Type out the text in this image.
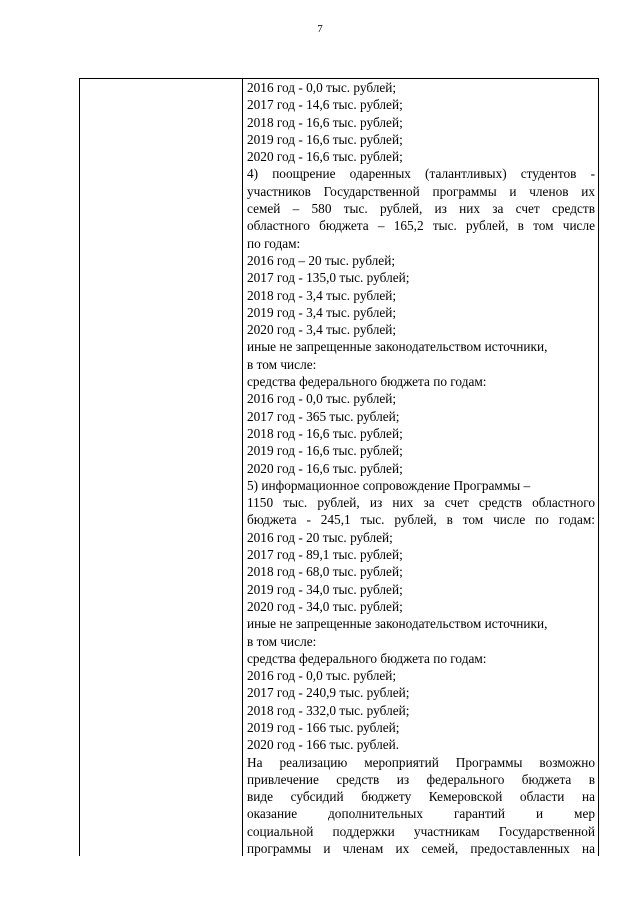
7
2016 год - 0,0 тыс. рублей;
2017 год - 14,6 тыс. рублей;
2018 год - 16,6 тыс. рублей;
2019 год - 16,6 тыс. рублей;
2020 год - 16,6 тыс. рублей;
4) поощрение одаренных (талантливых) студентов -
участников Государственной программы и членов их
семей – 580 тыс. рублей, из них за счет средств
областного бюджета – 165,2 тыс. рублей, в том числе
по годам:
2016 год – 20 тыс. рублей;
2017 год - 135,0 тыс. рублей;
2018 год - 3,4 тыс. рублей;
2019 год - 3,4 тыс. рублей;
2020 год - 3,4 тыс. рублей;
иные не запрещенные законодательством источники,
в том числе:
средства федерального бюджета по годам:
2016 год - 0,0 тыс. рублей;
2017 год - 365 тыс. рублей;
2018 год - 16,6 тыс. рублей;
2019 год - 16,6 тыс. рублей;
2020 год - 16,6 тыс. рублей;
5) информационное сопровождение Программы –
1150 тыс. рублей, из них за счет средств областного
бюджета - 245,1 тыс. рублей, в том числе по годам:
2016 год - 20 тыс. рублей;
2017 год - 89,1 тыс. рублей;
2018 год - 68,0 тыс. рублей;
2019 год - 34,0 тыс. рублей;
2020 год - 34,0 тыс. рублей;
иные не запрещенные законодательством источники,
в том числе:
средства федерального бюджета по годам:
2016 год - 0,0 тыс. рублей;
2017 год - 240,9 тыс. рублей;
2018 год - 332,0 тыс. рублей;
2019 год - 166 тыс. рублей;
2020 год - 166 тыс. рублей.
На реализацию мероприятий Программы возможно
привлечение средств из федерального бюджета в
виде субсидий бюджету Кемеровской области на
оказание дополнительных гарантий и мер
социальной поддержки участникам Государственной
программы и членам их семей, предоставленных на
